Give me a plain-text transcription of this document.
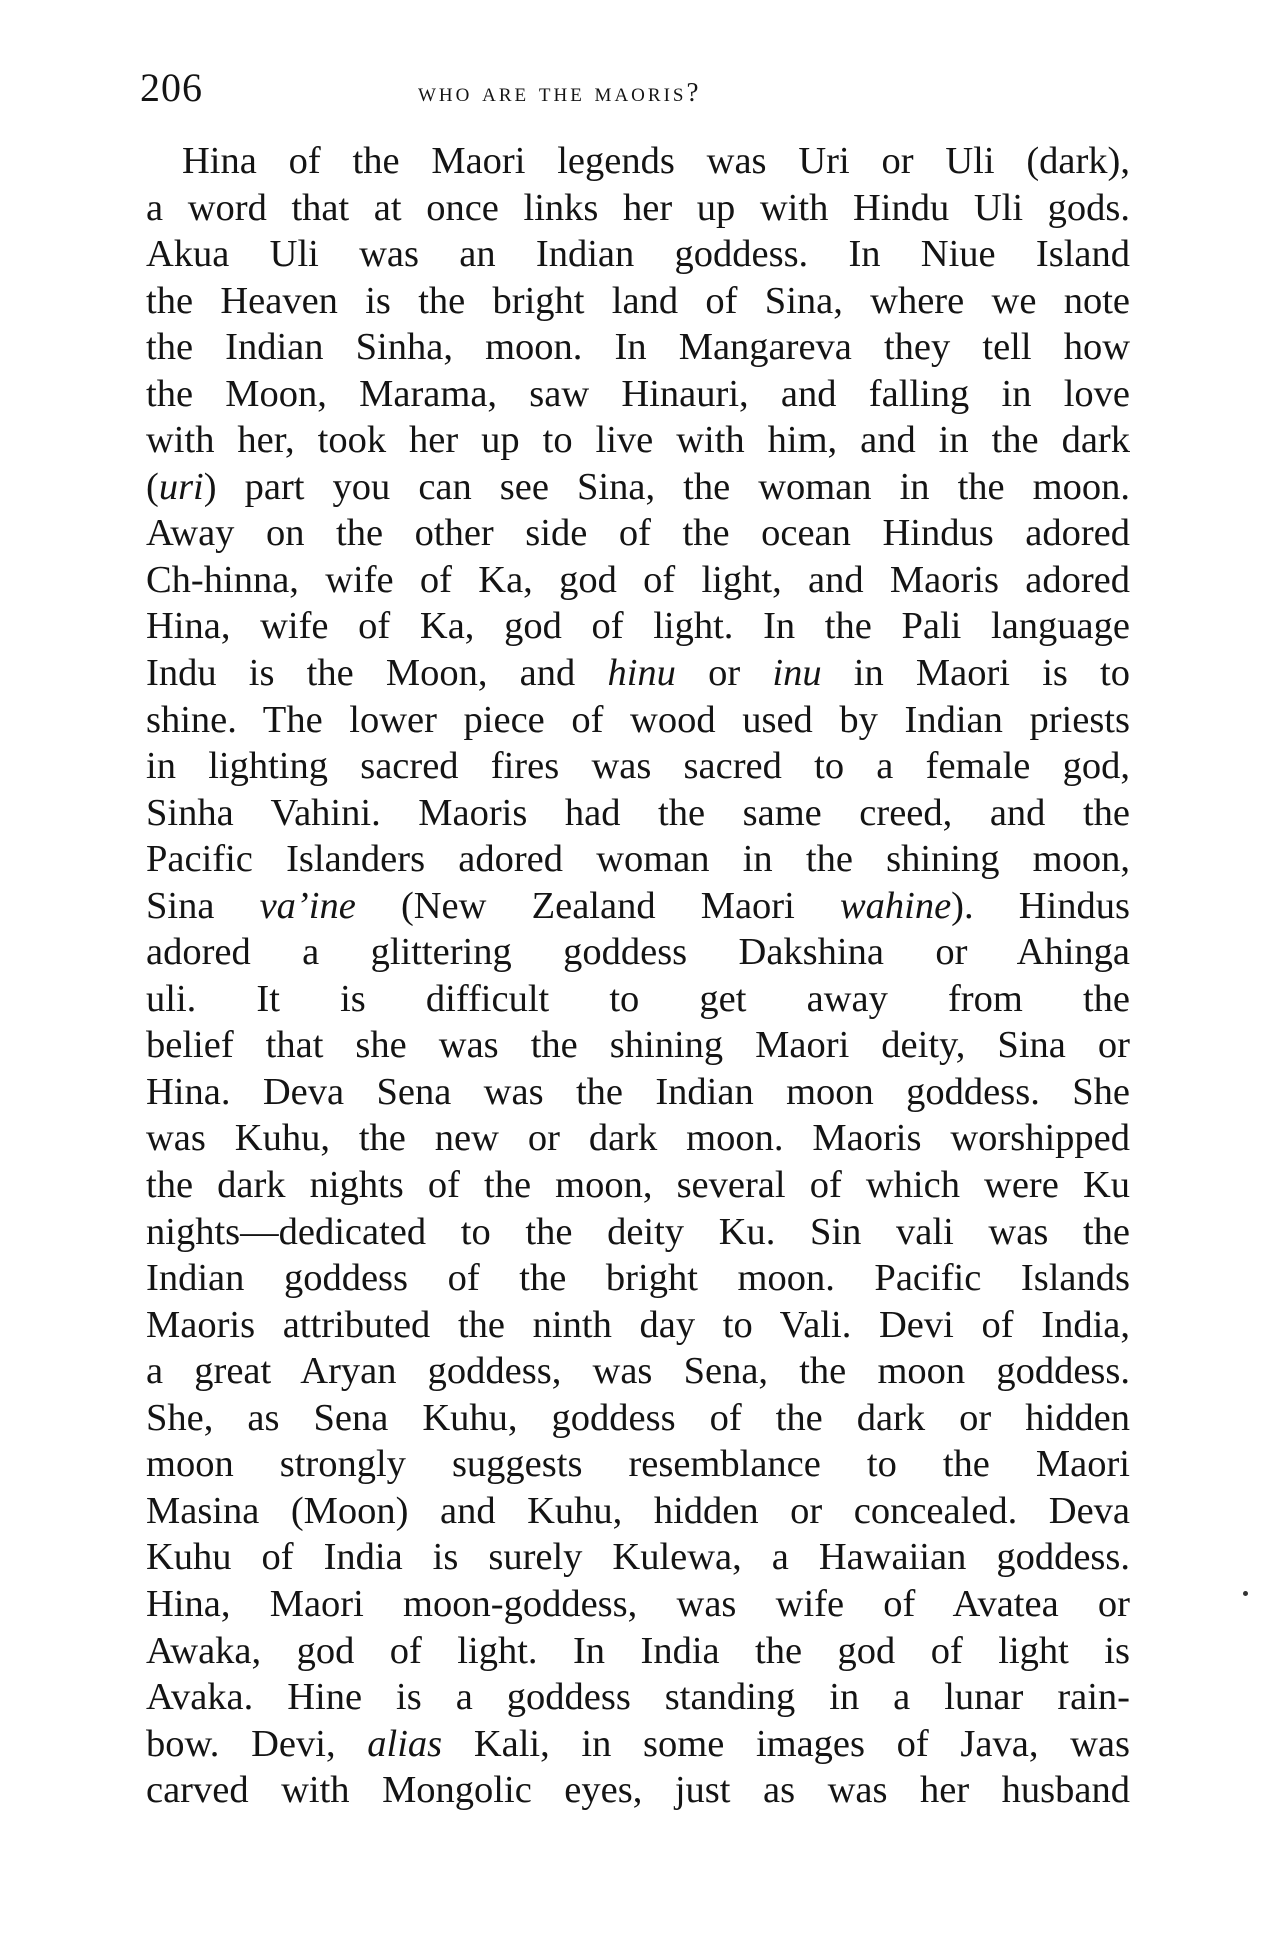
206	who are the maoris?
Hina of the Maori legends was Uri or Uli (dark),
a word that at once links her up with Hindu Uli gods.
Akua Uli was an Indian goddess. In Niue Island
the Heaven is the bright land of Sina, where we note
the Indian Sinha, moon. In Mangareva they tell how
the Moon, Marama, saw Hinauri, and falling in love
with her, took her up to live with him, and in the dark
(uri) part you can see Sina, the woman in the moon.
Away on the other side of the ocean Hindus adored
Ch-hinna, wife of Ka, god of light, and Maoris adored
Hina, wife of Ka, god of light. In the Pali language
Indu is the Moon, and hinu or inu in Maori is to
shine. The lower piece of wood used by Indian priests
in lighting sacred fires was sacred to a female god,
Sinha Vahini. Maoris had the same creed, and the
Pacific Islanders adored woman in the shining moon,
Sina va’ine (New Zealand Maori wahine). Hindus
adored a glittering goddess Dakshina or Ahinga
uli. It is difficult to get away from the
belief that she was the shining Maori deity, Sina or
Hina. Deva Sena was the Indian moon goddess. She
was Kuhu, the new or dark moon. Maoris worshipped
the dark nights of the moon, several of which were Ku
nights—dedicated to the deity Ku. Sin vali was the
Indian goddess of the bright moon. Pacific Islands
Maoris attributed the ninth day to Vali. Devi of India,
a great Aryan goddess, was Sena, the moon goddess.
She, as Sena Kuhu, goddess of the dark or hidden
moon strongly suggests resemblance to the Maori
Masina (Moon) and Kuhu, hidden or concealed. Deva
Kuhu of India is surely Kulewa, a Hawaiian goddess.
Hina, Maori moon-goddess, was wife of Avatea or
Awaka, god of light. In India the god of light is
Avaka. Hine is a goddess standing in a lunar rain-
bow. Devi, alias Kali, in some images of Java, was
carved with Mongolic eyes, just as was her husband
